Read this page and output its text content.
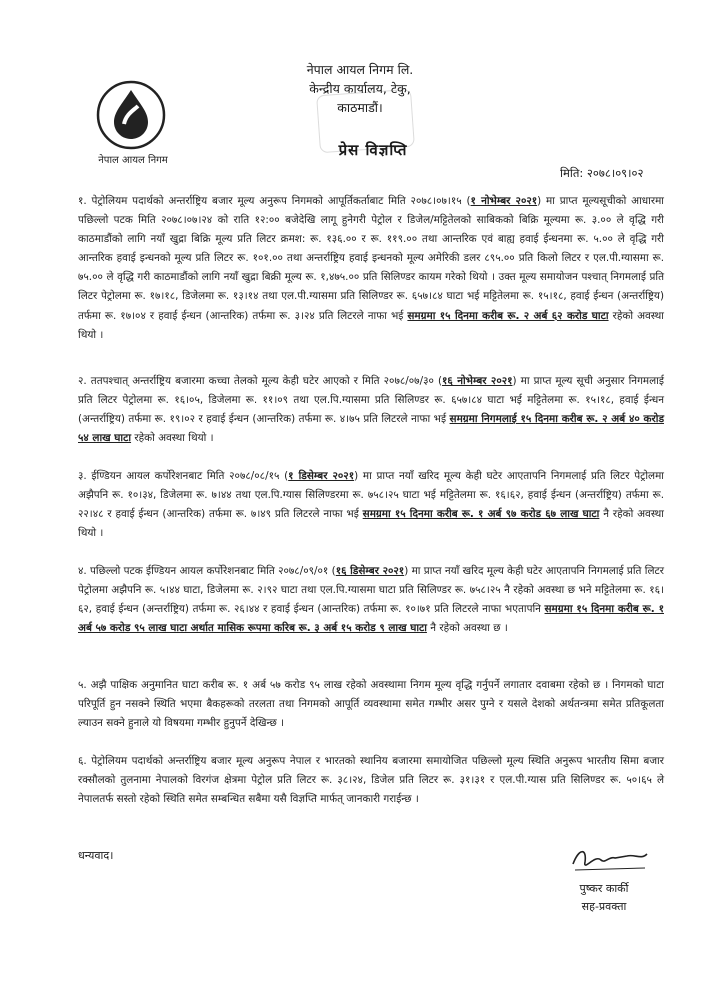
नेपाल आयल निगम
नेपाल आयल निगम लि.
केन्द्रीय कार्यालय, टेकु,
काठमाडौं।
प्रेस विज्ञप्ति
मिति: २०७८।०९।०२
१. पेट्रोलियम पदार्थको अन्तर्राष्ट्रिय बजार मूल्य अनुरूप निगमको आपूर्तिकर्ताबाट मिति २०७८।०७।१५ (१ नोभेम्बर २०२१) मा प्राप्त मूल्यसूचीको आधारमा पछिल्लो पटक मिति २०७८।०७।२४ को राति १२:०० बजेदेखि लागू हुनेगरी पेट्रोल र डिजेल/मट्टितेलको साबिकको बिक्रि मूल्यमा रू. ३.०० ले वृद्धि गरी काठमाडौंको लागि नयाँ खुद्रा बिक्रि मूल्य प्रति लिटर क्रमश: रू. १३६.०० र रू. ११९.०० तथा आन्तरिक एवं बाह्य हवाई ईन्धनमा रू. ५.०० ले वृद्धि गरी आन्तरिक हवाई इन्धनको मूल्य प्रति लिटर रू. १०१.०० तथा अन्तर्राष्ट्रिय हवाई इन्धनको मूल्य अमेरिकी डलर ८९५.०० प्रति किलो लिटर र एल.पी.ग्यासमा रू. ७५.०० ले वृद्धि गरी काठमाडौंको लागि नयाँ खुद्रा बिक्री मूल्य रू. १,४७५.०० प्रति सिलिण्डर कायम गरेको थियो । उक्त मूल्य समायोजन पश्चात् निगमलाई प्रति लिटर पेट्रोलमा रू. १७।१८, डिजेलमा रू. १३।१४ तथा एल.पी.ग्यासमा प्रति सिलिण्डर रू. ६५७।८४ घाटा भई मट्टितेलमा रू. १५।१८, हवाई ईन्धन (अन्तर्राष्ट्रिय) तर्फमा रू. १७।०४ र हवाई ईन्धन (आन्तरिक) तर्फमा रू. ३।२४ प्रति लिटरले नाफा भई समग्रमा १५ दिनमा करीब रू. २ अर्ब ६२ करोड घाटा रहेको अवस्था थियो ।
२. ततपश्चात् अन्तर्राष्ट्रिय बजारमा कच्चा तेलको मूल्य केही घटेर आएको र मिति २०७८/०७/३० (१६ नोभेम्बर २०२१) मा प्राप्त मूल्य सूची अनुसार निगमलाई प्रति लिटर पेट्रोलमा रू. १६।०५, डिजेलमा रू. ११।०९ तथा एल.पि.ग्यासमा प्रति सिलिण्डर रू. ६५७।८४ घाटा भई मट्टितेलमा रू. १५।१८, हवाई ईन्धन (अन्तर्राष्ट्रिय) तर्फमा रू. १९।०२ र हवाई ईन्धन (आन्तरिक) तर्फमा रू. ४।७५ प्रति लिटरले नाफा भई समग्रमा निगमलाई १५ दिनमा करीब रू. २ अर्ब ४० करोड ५४ लाख घाटा रहेको अवस्था थियो ।
३. ईण्डियन आयल कर्पोरेशनबाट मिति २०७८/०८/१५ (१ डिसेम्बर २०२१) मा प्राप्त नयाँ खरिद मूल्य केही घटेर आएतापनि निगमलाई प्रति लिटर पेट्रोलमा अझैपनि रू. १०।३४, डिजेलमा रू. ७।४४ तथा एल.पि.ग्यास सिलिण्डरमा रू. ७५८।२५ घाटा भई मट्टितेलमा रू. १६।६२, हवाई ईन्धन (अन्तर्राष्ट्रिय) तर्फमा रू. २२।४८ र हवाई ईन्धन (आन्तरिक) तर्फमा रू. ७।४९ प्रति लिटरले नाफा भई समग्रमा १५ दिनमा करीब रू. १ अर्ब ९७ करोड ६७ लाख घाटा नै रहेको अवस्था थियो ।
४. पछिल्लो पटक ईण्डियन आयल कर्पोरेशनबाट मिति २०७८/०९/०१ (१६ डिसेम्बर २०२१) मा प्राप्त नयाँ खरिद मूल्य केही घटेर आएतापनि निगमलाई प्रति लिटर पेट्रोलमा अझैपनि रू. ५।४४ घाटा, डिजेलमा रू. २।९२ घाटा तथा एल.पि.ग्यासमा घाटा प्रति सिलिण्डर रू. ७५८।२५ नै रहेको अवस्था छ भने मट्टितेलमा रू. १६।६२, हवाई ईन्धन (अन्तर्राष्ट्रिय) तर्फमा रू. २६।४४ र हवाई ईन्धन (आन्तरिक) तर्फमा रू. १०।७१ प्रति लिटरले नाफा भएतापनि समग्रमा १५ दिनमा करीब रू. १ अर्ब ५७ करोड ९५ लाख घाटा अर्थात मासिक रूपमा करिब रू. ३ अर्ब १५ करोड ९ लाख घाटा नै रहेको अवस्था छ ।
५. अझै पाक्षिक अनुमानित घाटा करीब रू. १ अर्ब ५७ करोड ९५ लाख रहेको अवस्थामा निगम मूल्य वृद्धि गर्नुपर्ने लगातार दवाबमा रहेको छ । निगमको घाटा परिपूर्ति हुन नसक्ने स्थिति भएमा बैकहरूको तरलता तथा निगमको आपूर्ति व्यवस्थामा समेत गम्भीर असर पुग्ने र यसले देशको अर्थतन्त्रमा समेत प्रतिकूलता ल्याउन सक्ने हुनाले यो विषयमा गम्भीर हुनुपर्ने देखिन्छ ।
६. पेट्रोलियम पदार्थको अन्तर्राष्ट्रिय बजार मूल्य अनुरूप नेपाल र भारतको स्थानिय बजारमा समायोजित पछिल्लो मूल्य स्थिति अनुरूप भारतीय सिमा बजार रक्सौलको तुलनामा नेपालको विरगंज क्षेत्रमा पेट्रोल प्रति लिटर रू. ३८।२४, डिजेल प्रति लिटर रू. ३१।३१ र एल.पी.ग्यास प्रति सिलिण्डर रू. ५०।६५ ले नेपालतर्फ सस्तो रहेको स्थिति समेत सम्बन्धित सबैमा यसै विज्ञप्ति मार्फत् जानकारी गराईन्छ ।
धन्यवाद।
पुष्कर कार्की
सह-प्रवक्ता
